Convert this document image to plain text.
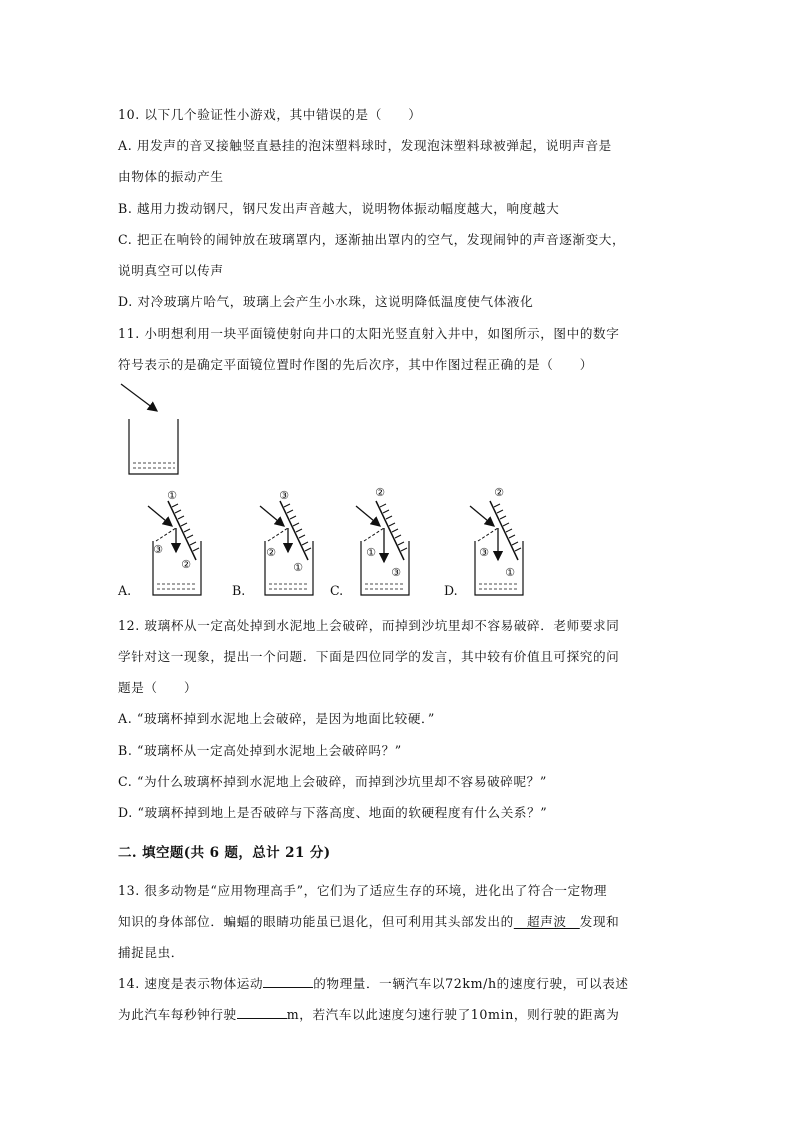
10. 以下几个验证性小游戏，其中错误的是（　　）
A. 用发声的音叉接触竖直悬挂的泡沫塑料球时，发现泡沫塑料球被弹起，说明声音是
由物体的振动产生
B. 越用力拨动钢尺，钢尺发出声音越大，说明物体振动幅度越大，响度越大
C. 把正在响铃的闹钟放在玻璃罩内，逐渐抽出罩内的空气，发现闹钟的声音逐渐变大，
说明真空可以传声
D. 对冷玻璃片哈气，玻璃上会产生小水珠，这说明降低温度使气体液化
11. 小明想利用一块平面镜使射向井口的太阳光竖直射入井中，如图所示，图中的数字
符号表示的是确定平面镜位置时作图的先后次序，其中作图过程正确的是（　　）
①
③
②
③
②
①
②
①
③
②
③
①
A.	B.	C.	D.
12. 玻璃杯从一定高处掉到水泥地上会破碎，而掉到沙坑里却不容易破碎．老师要求同
学针对这一现象，提出一个问题．下面是四位同学的发言，其中较有价值且可探究的问
题是（　　）
A. “玻璃杯掉到水泥地上会破碎，是因为地面比较硬．”
B. “玻璃杯从一定高处掉到水泥地上会破碎吗？”
C. “为什么玻璃杯掉到水泥地上会破碎，而掉到沙坑里却不容易破碎呢？”
D. “玻璃杯掉到地上是否破碎与下落高度、地面的软硬程度有什么关系？”
二. 填空题(共 6 题，总计 21 分)
13. 很多动物是“应用物理高手”，它们为了适应生存的环境，进化出了符合一定物理
知识的身体部位．蝙蝠的眼睛功能虽已退化，但可利用其头部发出的　超声波　发现和
捕捉昆虫．
14. 速度是表示物体运动	的物理量．一辆汽车以72km/h的速度行驶，可以表述
为此汽车每秒钟行驶	m，若汽车以此速度匀速行驶了10min，则行驶的距离为
